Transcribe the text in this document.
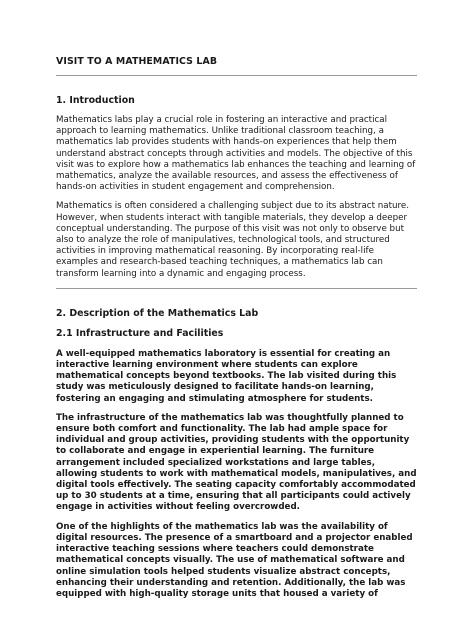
VISIT TO A MATHEMATICS LAB
1. Introduction

Mathematics labs play a crucial role in fostering an interactive and practical approach to learning mathematics. Unlike traditional classroom teaching, a mathematics lab provides students with hands-on experiences that help them understand abstract concepts through activities and models. The objective of this visit was to explore how a mathematics lab enhances the teaching and learning of mathematics, analyze the available resources, and assess the effectiveness of hands-on activities in student engagement and comprehension.

Mathematics is often considered a challenging subject due to its abstract nature. However, when students interact with tangible materials, they develop a deeper conceptual understanding. The purpose of this visit was not only to observe but also to analyze the role of manipulatives, technological tools, and structured activities in improving mathematical reasoning. By incorporating real-life examples and research-based teaching techniques, a mathematics lab can transform learning into a dynamic and engaging process.

2. Description of the Mathematics Lab
2.1 Infrastructure and Facilities

A well-equipped mathematics laboratory is essential for creating an interactive learning environment where students can explore mathematical concepts beyond textbooks. The lab visited during this study was meticulously designed to facilitate hands-on learning, fostering an engaging and stimulating atmosphere for students.

The infrastructure of the mathematics lab was thoughtfully planned to ensure both comfort and functionality. The lab had ample space for individual and group activities, providing students with the opportunity to collaborate and engage in experiential learning. The furniture arrangement included specialized workstations and large tables, allowing students to work with mathematical models, manipulatives, and digital tools effectively. The seating capacity comfortably accommodated up to 30 students at a time, ensuring that all participants could actively engage in activities without feeling overcrowded.

One of the highlights of the mathematics lab was the availability of digital resources. The presence of a smartboard and a projector enabled interactive teaching sessions where teachers could demonstrate mathematical concepts visually. The use of mathematical software and online simulation tools helped students visualize abstract concepts, enhancing their understanding and retention. Additionally, the lab was equipped with high-quality storage units that housed a variety of
